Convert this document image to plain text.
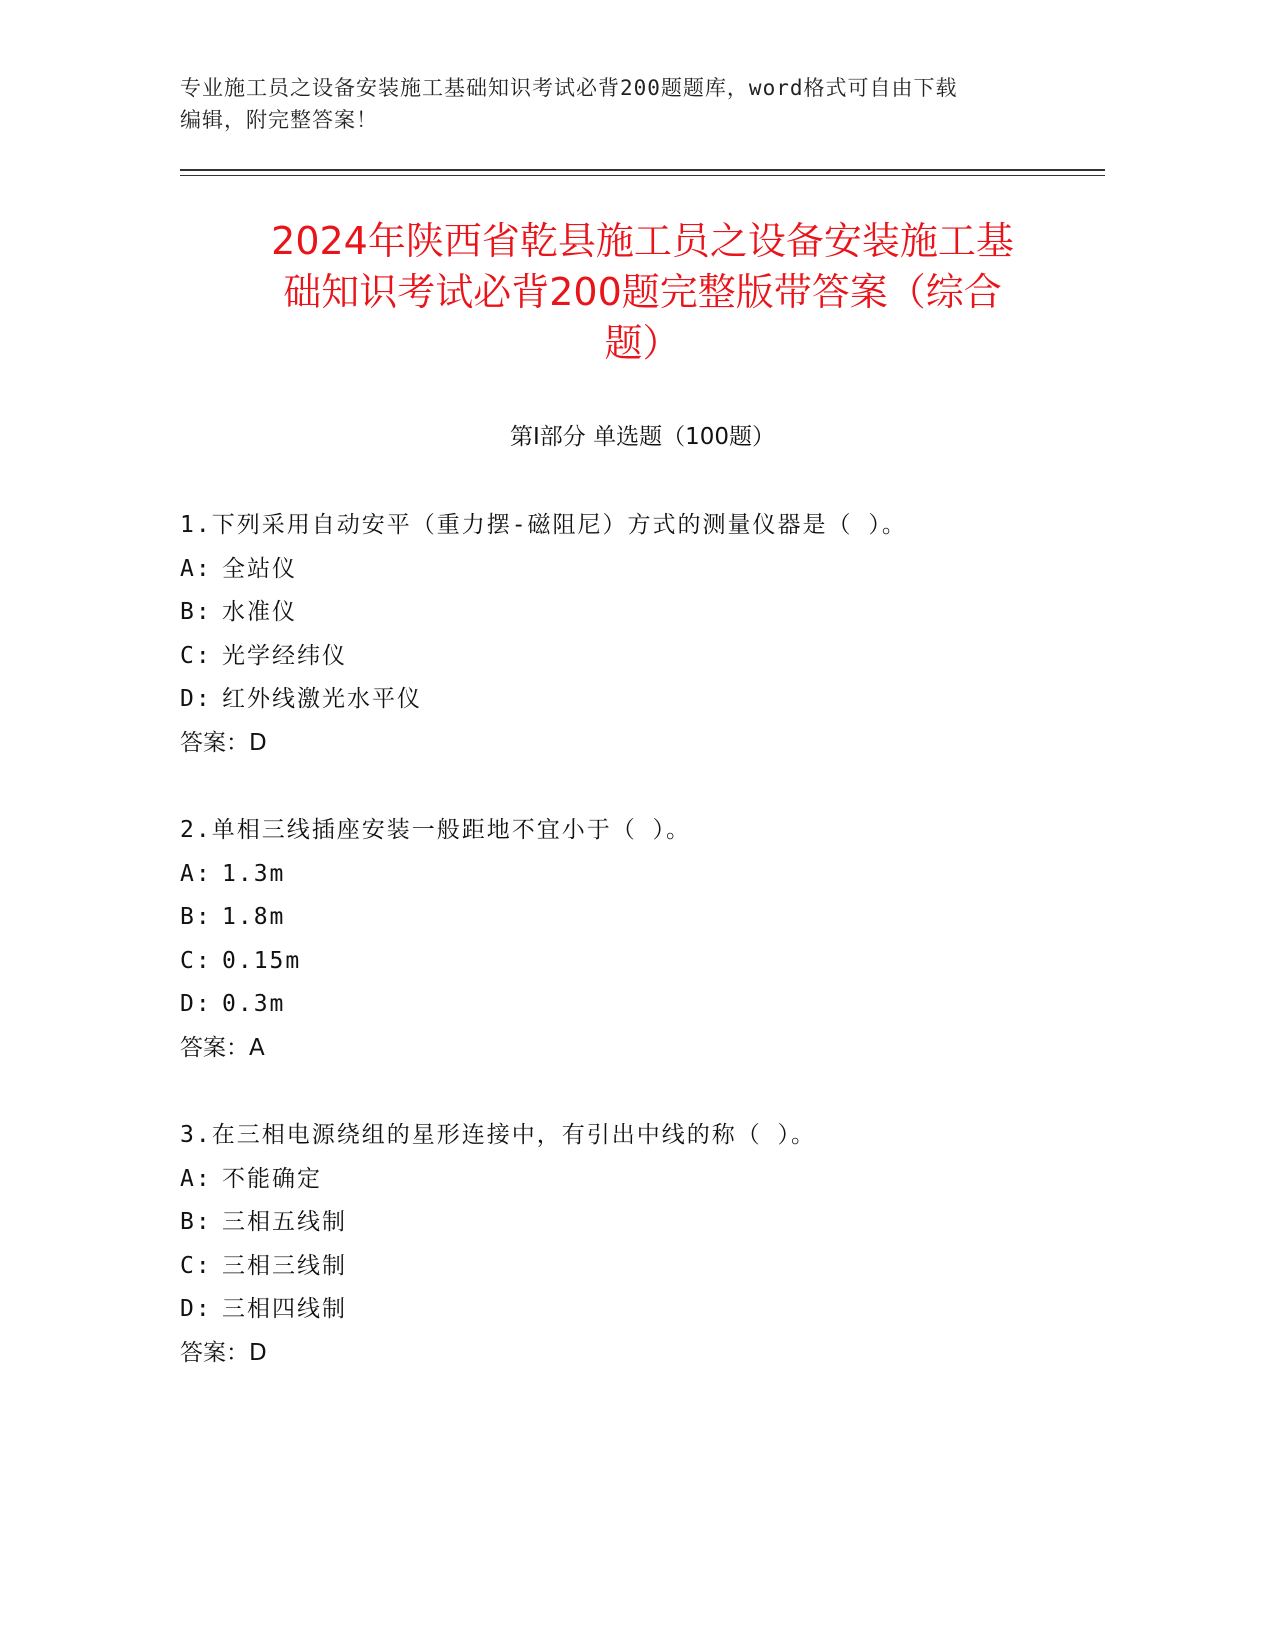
专业施工员之设备安装施工基础知识考试必背200题题库，word格式可自由下载
编辑，附完整答案！
2024年陕西省乾县施工员之设备安装施工基
础知识考试必背200题完整版带答案（综合
题）
第I部分 单选题（100题）
1.下列采用自动安平（重力摆-磁阻尼）方式的测量仪器是（ ）。
A: 全站仪
B: 水准仪
C: 光学经纬仪
D: 红外线激光水平仪
答案：D
2.单相三线插座安装一般距地不宜小于（ ）。
A: 1.3m
B: 1.8m
C: 0.15m
D: 0.3m
答案：A
3.在三相电源绕组的星形连接中，有引出中线的称（ ）。
A: 不能确定
B: 三相五线制
C: 三相三线制
D: 三相四线制
答案：D
